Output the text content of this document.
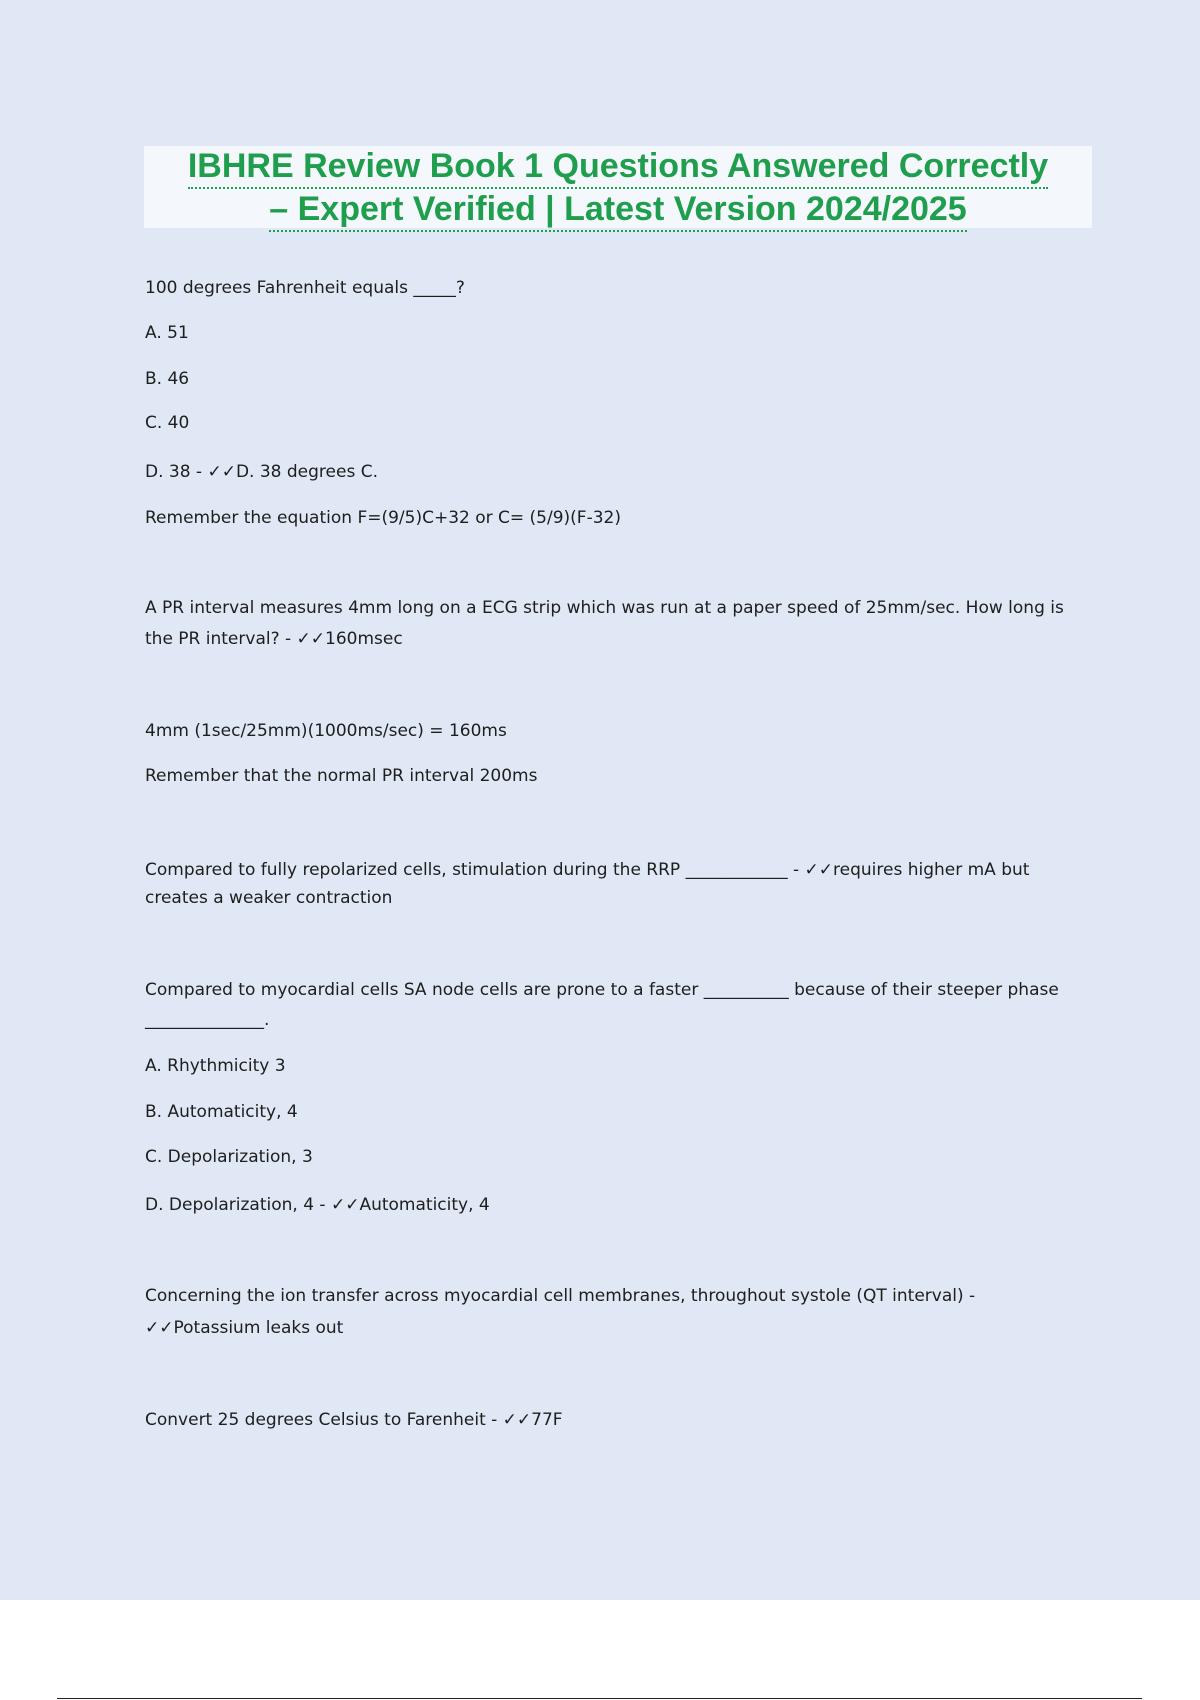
IBHRE Review Book 1 Questions Answered Correctly
– Expert Verified | Latest Version 2024/2025
100 degrees Fahrenheit equals _____?
A. 51
B. 46
C. 40
D. 38 - ✓✓D. 38 degrees C.
Remember the equation F=(9/5)C+32 or C= (5/9)(F-32)
A PR interval measures 4mm long on a ECG strip which was run at a paper speed of 25mm/sec. How long is the PR interval? - ✓✓160msec
4mm (1sec/25mm)(1000ms/sec) = 160ms
Remember that the normal PR interval 200ms
Compared to fully repolarized cells, stimulation during the RRP ____________ - ✓✓requires higher mA but creates a weaker contraction
Compared to myocardial cells SA node cells are prone to a faster __________ because of their steeper phase ______________.
A. Rhythmicity 3
B. Automaticity, 4
C. Depolarization, 3
D. Depolarization, 4 - ✓✓Automaticity, 4
Concerning the ion transfer across myocardial cell membranes, throughout systole (QT interval) - ✓✓Potassium leaks out
Convert 25 degrees Celsius to Farenheit - ✓✓77F
